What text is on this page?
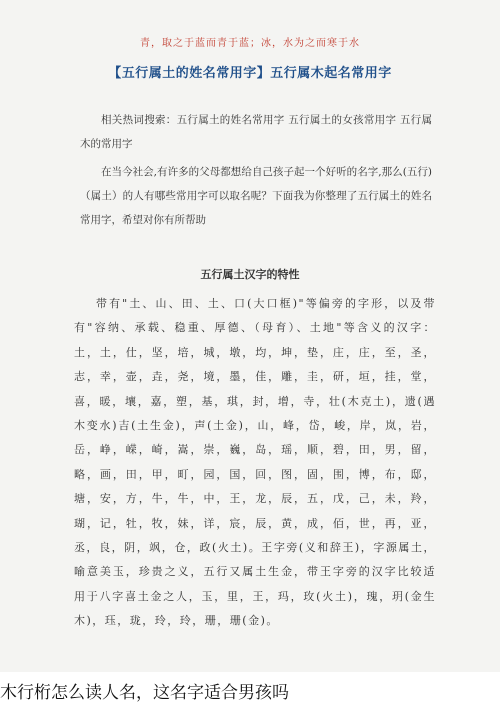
青，取之于蓝而青于蓝；冰，水为之而寒于水
【五行属土的姓名常用字】五行属木起名常用字
相关热词搜索：五行属土的姓名常用字 五行属土的女孩常用字 五行属木的常用字
在当今社会,有许多的父母都想给自己孩子起一个好听的名字,那么(五行)（属土）的人有哪些常用字可以取名呢？下面我为你整理了五行属土的姓名常用字，希望对你有所帮助
五行属土汉字的特性
带有"土、山、田、土、口(大口框)"等偏旁的字形，以及带有"容纳、承载、稳重、厚德、（母育）、土地"等含义的汉字：土，土，仕，坚，培，城，墩，均，坤，垫，庄，庄，至，圣，志，幸，壶，垚，尧，境，墨，佳，雕，圭，研，垣，挂，堂，喜，暖，壤，嘉，塑，基，琪，封，增，寺，壮(木克土)，遗(遇木变水)吉(土生金)，声(土金)，山，峰，岱，峻，岸，岚，岩，岳，峥，嵘，崎，嵩，崇，巍，岛，瑶，顺，碧，田，男，留，略，画，田，甲，町，园，国，回，图，固，围，博，布，邸，塘，安，方，牛，牛，中，王，龙，辰，五，戊，己，未，羚，瑚，记，牡，牧，妹，详，宸，辰，黄，成，佰，世，再，亚，丞，良，阴，飒，仓，政(火土)。王字旁(义和辞王)，字源属土，喻意美玉，珍贵之义，五行又属土生金，带王字旁的汉字比较适用于八字喜土金之人，玉，里，王，玛，玫(火土)，瑰，玥(金生木)，珏，珑，玲，玲，珊，珊(金)。
木行桁怎么读人名，这名字适合男孩吗
